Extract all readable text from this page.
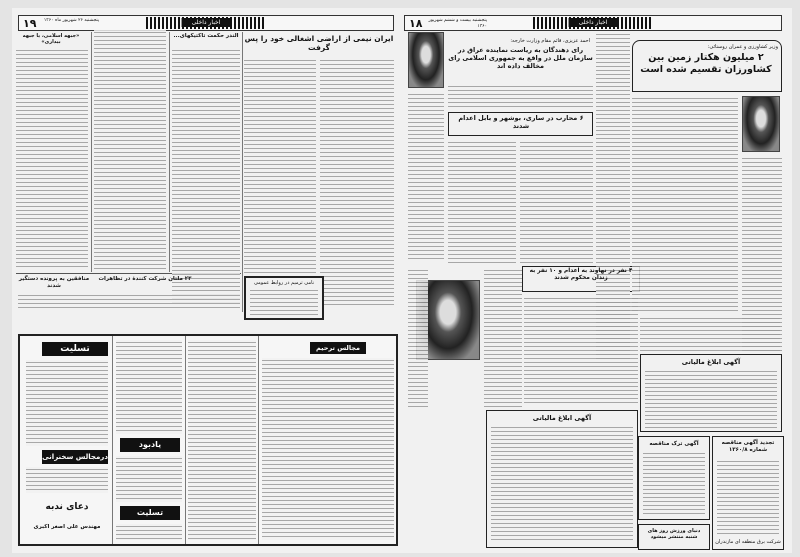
۱۹	پنجشنبه ۲۶ شهریور ماه ۱۳۶۰	اخبار داخلی
ایران نیمی از اراضی اشغالی خود را پس گرفت
الندر حکمت تاکتیکهای...
«جبهه اسلامی، یا جبهه بیداری»
۲۳ ملتان شرکت کنندۀ در تظاهرات
منافقین به پرونده دستگیر شدند	نامی ترمیم در روابط عمومی
تسلیت
درمجالس سخنرانی
دعای ندبه
مهندس علی اصغر اکبری
یادبود
تسلیت
مجالس ترحیم
۱۸	پنجشنبه بیست و ششم شهریور ۱۳۶۰
اخبار داخلی
احمد عزیزی، قائم مقام وزارت خارجه:
رای دهندگان به ریاست نماینده عراق در سازمان ملل در واقع به جمهوری اسلامی رای مخالف داده اند
وزیر کشاورزی و عمران روستائی:
۲ میلیون هکتار زمین بین کشاورزان تقسیم شده است
۶ محارب در ساری، بوشهر و بابل اعدام شدند
۴ نفر در نهاوند به اعدام و ۱۰ نفر به زندان محکوم شدند
آگهی ابلاغ مالیاتی
آگهی ابلاغ مالیاتی
آگهی ترک مناقصه
دنیای ورزش روز های شنبه منتشر میشود
تجدید آگهی مناقصه شماره ۱۳۶۰/۸
شرکت برق منطقه ای مازندران
